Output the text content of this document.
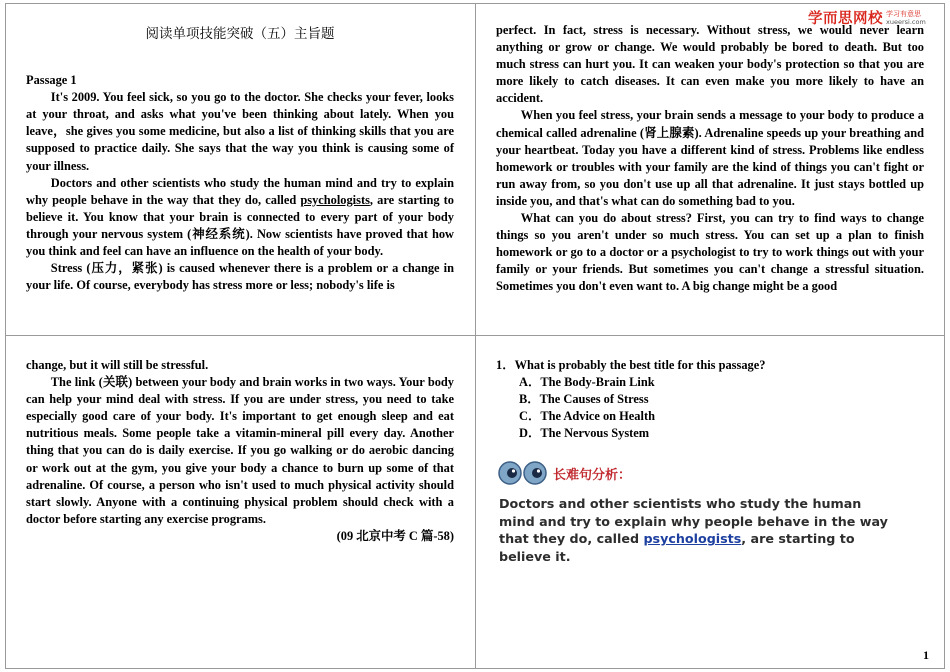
学而思网校 学习有意思
xueersi.com

阅读单项技能突破（五）主旨题

Passage 1

It's 2009. You feel sick, so you go to the doctor. She checks your fever, looks at your throat, and asks what you've been thinking about lately. When you leave，she gives you some medicine, but also a list of thinking skills that you are supposed to practice daily. She says that the way you think is causing some of your illness.

Doctors and other scientists who study the human mind and try to explain why people behave in the way that they do, called psychologists, are starting to believe it. You know that your brain is connected to every part of your body through your nervous system (神经系统). Now scientists have proved that how you think and feel can have an influence on the health of your body.

Stress (压力，紧张) is caused whenever there is a problem or a change in your life. Of course, everybody has stress more or less; nobody's life is

perfect. In fact, stress is necessary. Without stress, we would never learn anything or grow or change. We would probably be bored to death. But too much stress can hurt you. It can weaken your body's protection so that you are more likely to catch diseases. It can even make you more likely to have an accident.

When you feel stress, your brain sends a message to your body to produce a chemical called adrenaline (肾上腺素). Adrenaline speeds up your breathing and your heartbeat. Today you have a different kind of stress. Problems like endless homework or troubles with your family are the kind of things you can't fight or run away from, so you don't use up all that adrenaline. It just stays bottled up inside you, and that's what can do something bad to you.

What can you do about stress? First, you can try to find ways to change things so you aren't under so much stress. You can set up a plan to finish homework or go to a doctor or a psychologist to try to work things out with your family or your friends. But sometimes you can't change a stressful situation. Sometimes you don't even want to. A big change might be a good

change, but it will still be stressful.

The link (关联) between your body and brain works in two ways. Your body can help your mind deal with stress. If you are under stress, you need to take especially good care of your body. It's important to get enough sleep and eat nutritious meals. Some people take a vitamin-mineral pill every day. Another thing that you can do is daily exercise. If you go walking or do aerobic dancing or work out at the gym, you give your body a chance to burn up some of that adrenaline. Of course, a person who isn't used to much physical activity should start slowly. Anyone with a continuing physical problem should check with a doctor before starting any exercise programs.

(09 北京中考 C 篇-58)

1．What is probably the best title for this passage?

A．The Body-Brain Link

B．The Causes of Stress

C．The Advice on Health

D．The Nervous System

长难句分析：
Doctors and other scientists who study the human mind and try to explain why people behave in the way that they do, called psychologists, are starting to believe it.
1
